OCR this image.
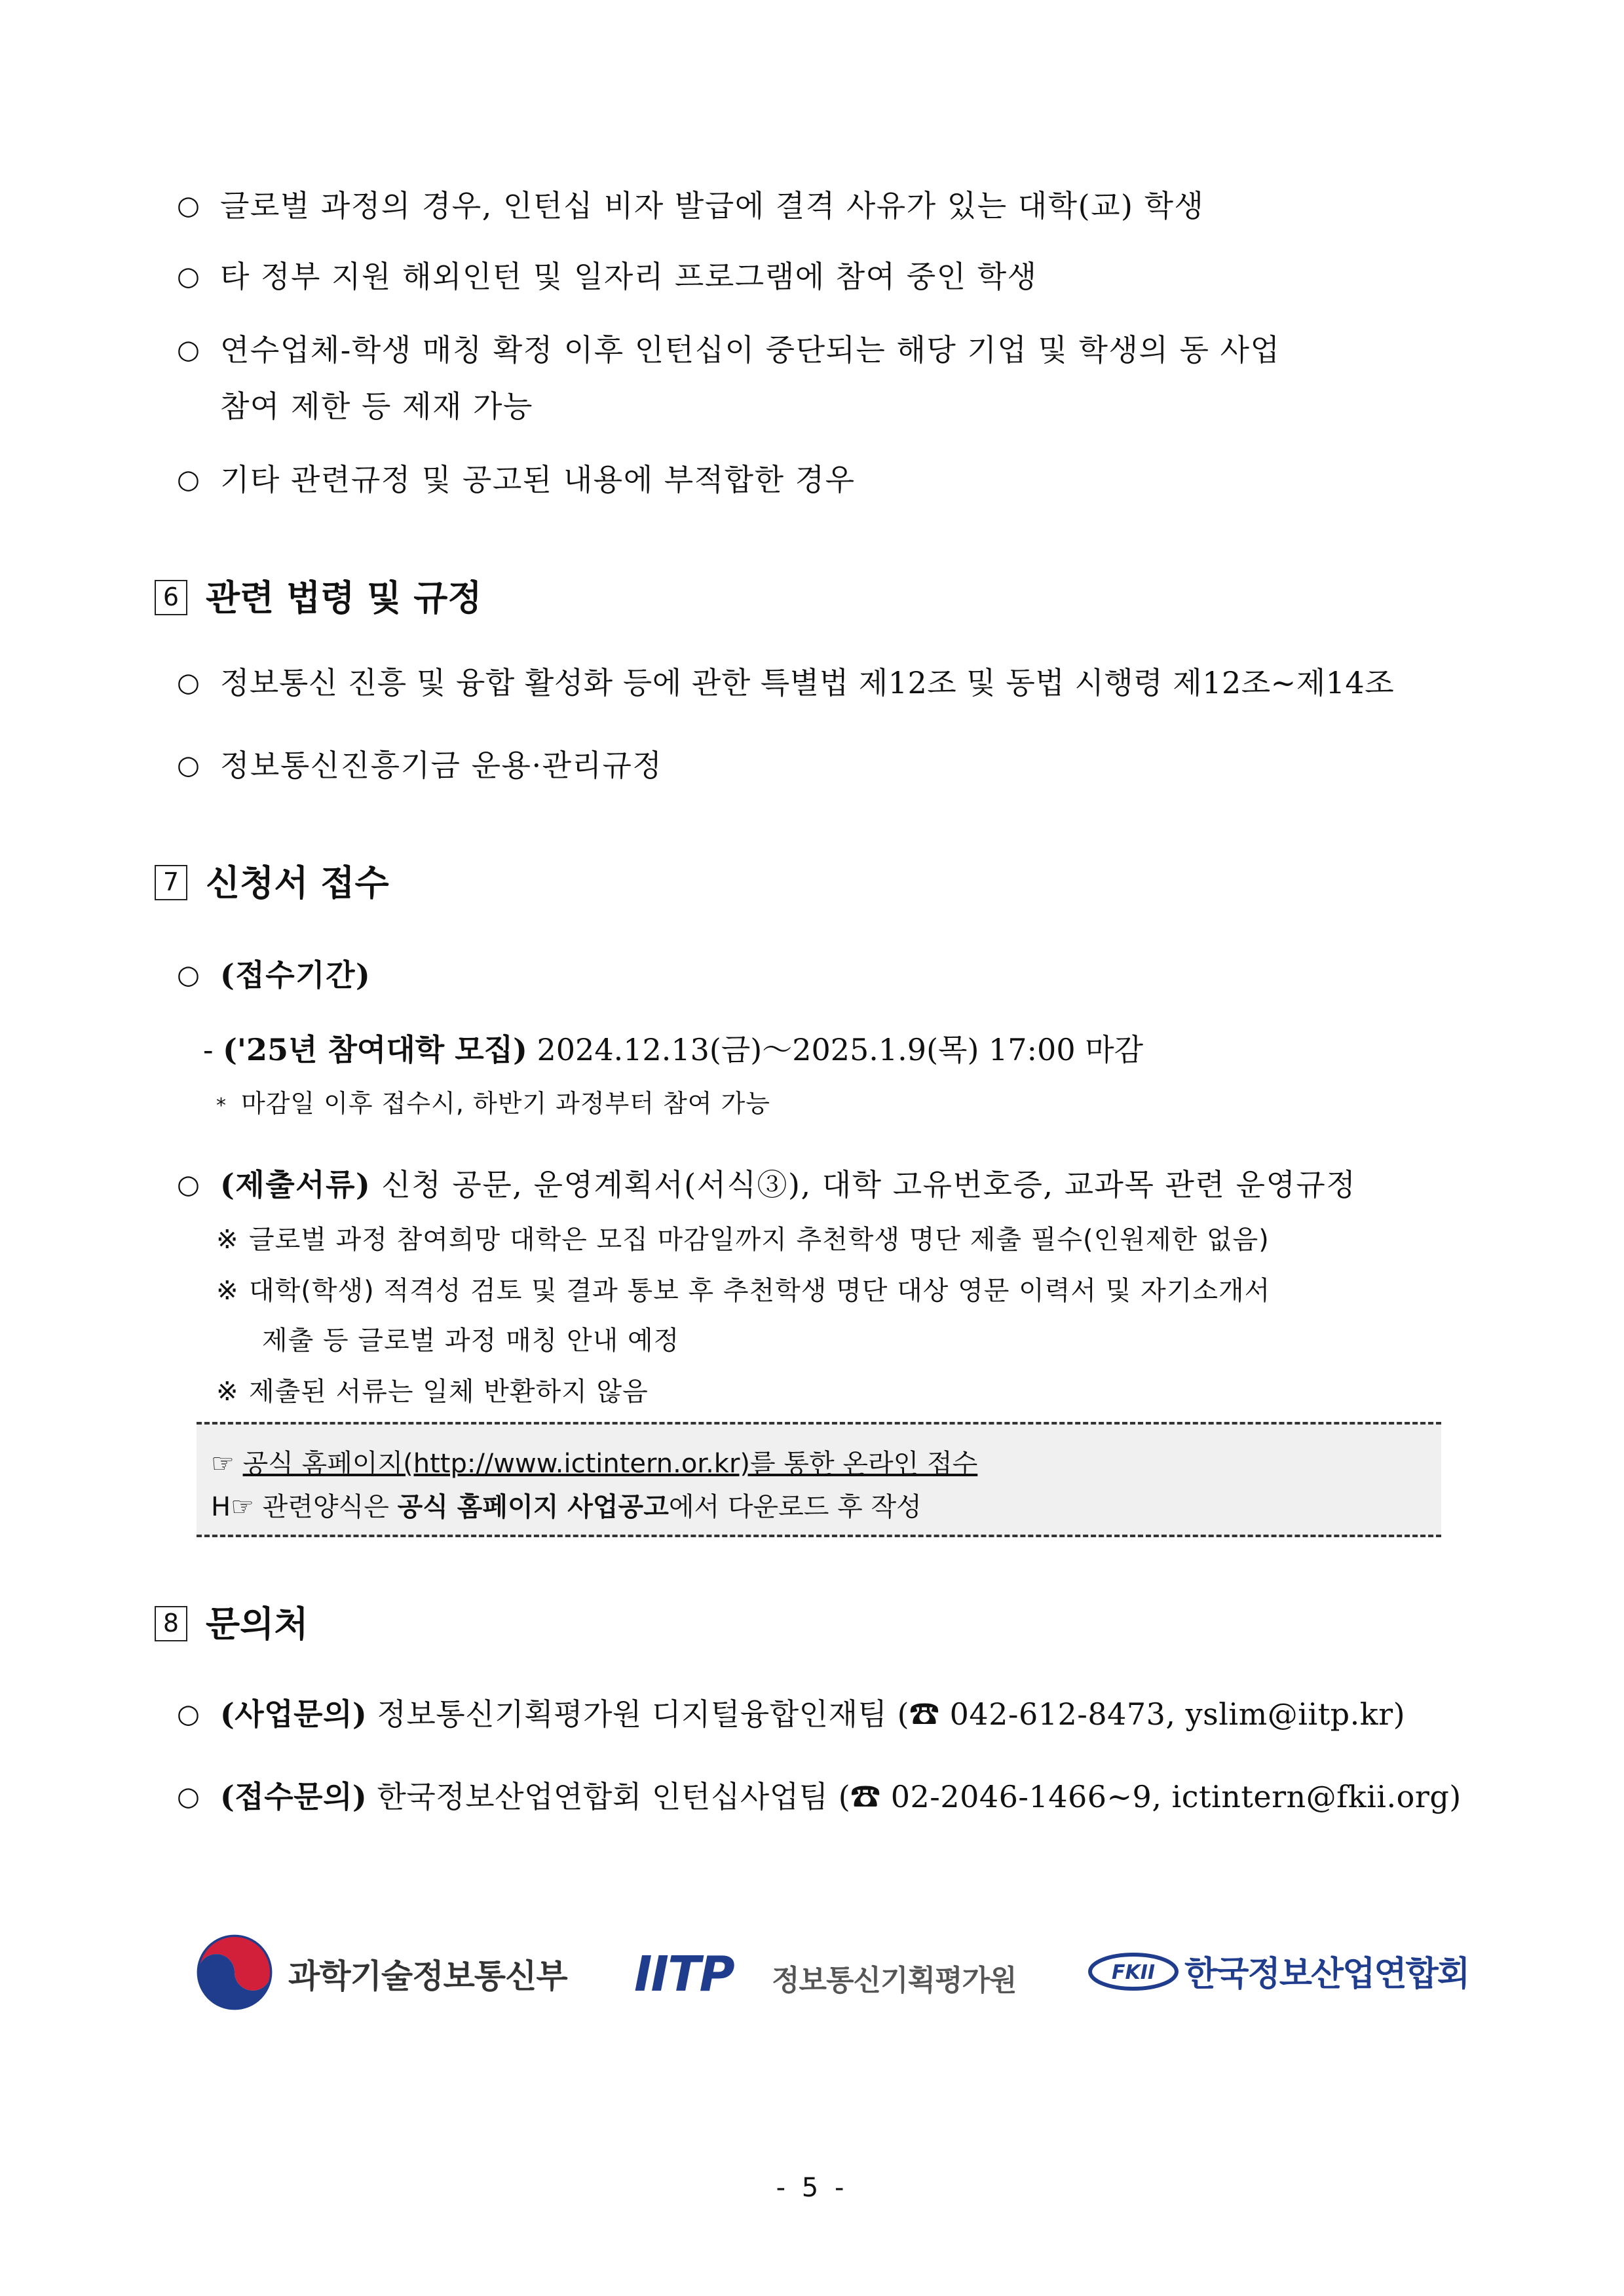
○ 글로벌 과정의 경우, 인턴십 비자 발급에 결격 사유가 있는 대학(교) 학생
○ 타 정부 지원 해외인턴 및 일자리 프로그램에 참여 중인 학생
○ 연수업체-학생 매칭 확정 이후 인턴십이 중단되는 해당 기업 및 학생의 동 사업
참여 제한 등 제재 가능
○ 기타 관련규정 및 공고된 내용에 부적합한 경우
6 관련 법령 및 규정
○ 정보통신 진흥 및 융합 활성화 등에 관한 특별법 제12조 및 동법 시행령 제12조~제14조
○ 정보통신진흥기금 운용·관리규정
7 신청서 접수
○ (접수기간)
- ('25년 참여대학 모집) 2024.12.13(금)～2025.1.9(목) 17:00 마감
* 마감일 이후 접수시, 하반기 과정부터 참여 가능
○ (제출서류) 신청 공문, 운영계획서(서식③), 대학 고유번호증, 교과목 관련 운영규정
※ 글로벌 과정 참여희망 대학은 모집 마감일까지 추천학생 명단 제출 필수(인원제한 없음)
※ 대학(학생) 적격성 검토 및 결과 통보 후 추천학생 명단 대상 영문 이력서 및 자기소개서
제출 등 글로벌 과정 매칭 안내 예정
※ 제출된 서류는 일체 반환하지 않음
☞ 공식 홈페이지(http://www.ictintern.or.kr)를 통한 온라인 접수
H☞ 관련양식은 공식 홈페이지 사업공고에서 다운로드 후 작성
8 문의처
○ (사업문의) 정보통신기획평가원 디지털융합인재팀 (☎ 042-612-8473, yslim@iitp.kr)
○ (접수문의) 한국정보산업연합회 인턴십사업팀 (☎ 02-2046-1466~9, ictintern@fkii.org)
과학기술정보통신부 IITP 정보통신기획평가원	FKII 한국정보산업연합회
- 5 -
